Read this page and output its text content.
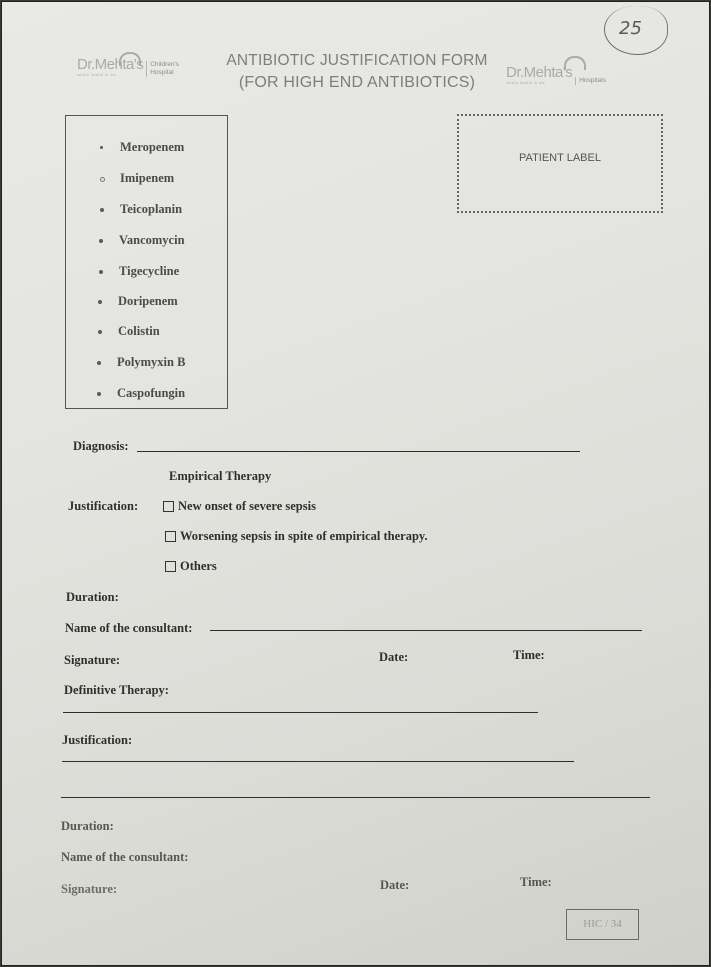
25
Dr.Mehta's
where health is life
Children's
Hospital
ANTIBIOTIC JUSTIFICATION FORM
(FOR HIGH END ANTIBIOTICS)
Dr.Mehta's
where health is life	Hospitals
Meropenem
Imipenem
Teicoplanin
Vancomycin
Tigecycline
Doripenem
Colistin
Polymyxin B
Caspofungin
PATIENT LABEL
Diagnosis:
Empirical Therapy
Justification:	New onset of severe sepsis
Worsening sepsis in spite of empirical therapy.
Others
Duration:
Name of the consultant:
Signature:	Date:	Time:
Definitive Therapy:
Justification:
Duration:
Name of the consultant:
Signature:	Date:	Time:
HIC / 34
